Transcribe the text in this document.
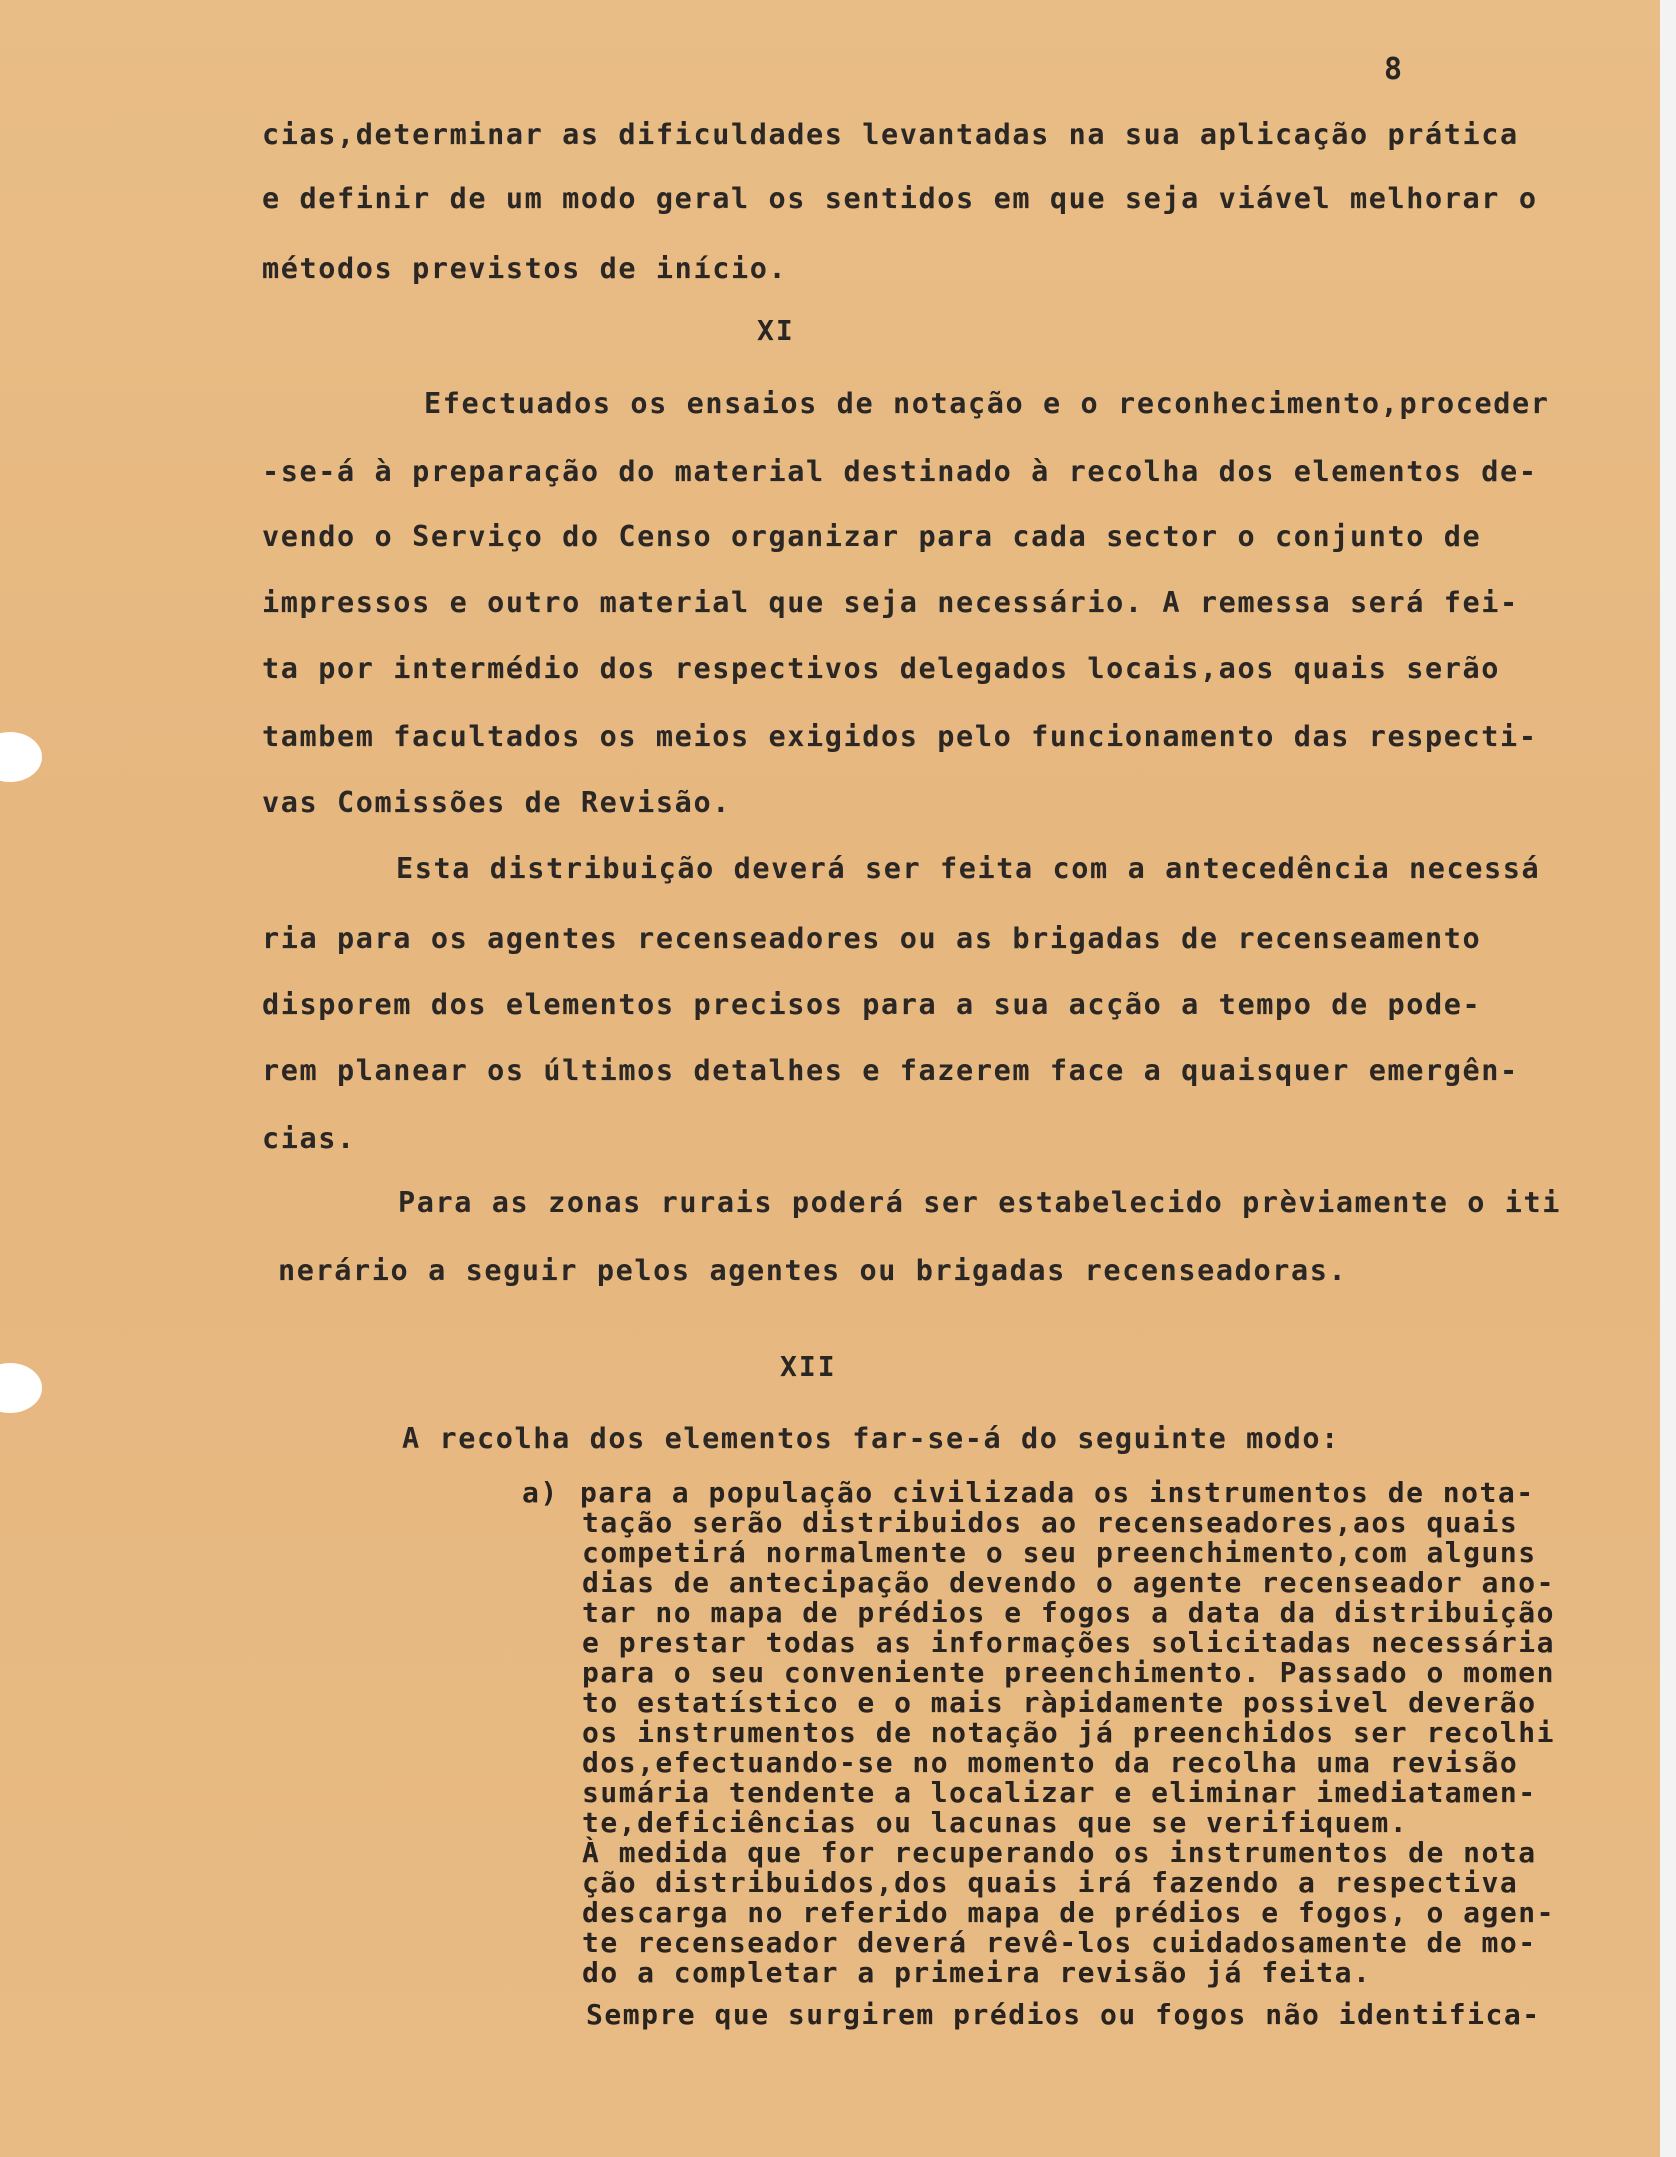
8
cias,determinar as dificuldades levantadas na sua aplicação prática
e definir de um modo geral os sentidos em que seja viável melhorar o
métodos previstos de início.
XI
Efectuados os ensaios de notação e o reconhecimento,proceder
-se-á à preparação do material destinado à recolha dos elementos de-
vendo o Serviço do Censo organizar para cada sector o conjunto de
impressos e outro material que seja necessário. A remessa será fei-
ta por intermédio dos respectivos delegados locais,aos quais serão
tambem facultados os meios exigidos pelo funcionamento das respecti-
vas Comissões de Revisão.
Esta distribuição deverá ser feita com a antecedência necessá
ria para os agentes recenseadores ou as brigadas de recenseamento
disporem dos elementos precisos para a sua acção a tempo de pode-
rem planear os últimos detalhes e fazerem face a quaisquer emergên-
cias.
Para as zonas rurais poderá ser estabelecido prèviamente o iti
nerário a seguir pelos agentes ou brigadas recenseadoras.
XII
A recolha dos elementos far-se-á do seguinte modo:
a) para a população civilizada os instrumentos de nota-
tação serão distribuidos ao recenseadores,aos quais
competirá normalmente o seu preenchimento,com alguns
dias de antecipação devendo o agente recenseador ano-
tar no mapa de prédios e fogos a data da distribuição
e prestar todas as informações solicitadas necessária
para o seu conveniente preenchimento. Passado o momen
to estatístico e o mais ràpidamente possivel deverão
os instrumentos de notação já preenchidos ser recolhi
dos,efectuando-se no momento da recolha uma revisão
sumária tendente a localizar e eliminar imediatamen-
te,deficiências ou lacunas que se verifiquem.
À medida que for recuperando os instrumentos de nota
ção distribuidos,dos quais irá fazendo a respectiva
descarga no referido mapa de prédios e fogos, o agen-
te recenseador deverá revê-los cuidadosamente de mo-
do a completar a primeira revisão já feita.
Sempre que surgirem prédios ou fogos não identifica-
